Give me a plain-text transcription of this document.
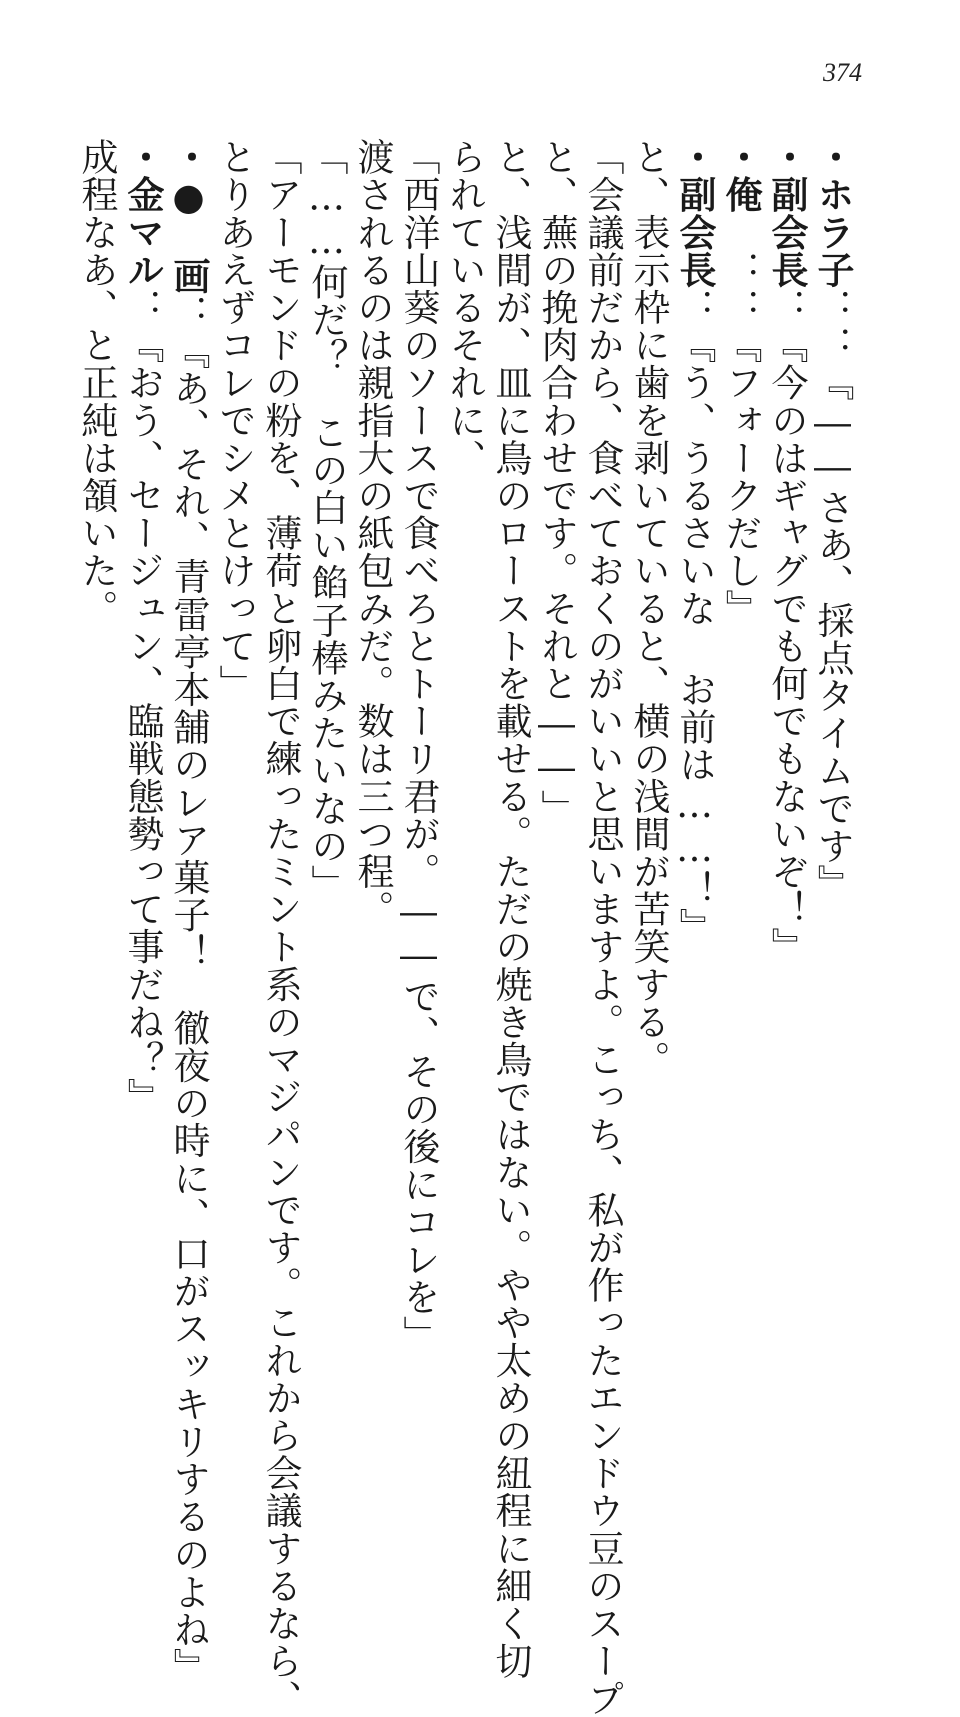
374
・ホラ子：：『――さあ、採点タイムです』
・副会長：『今のはギャグでも何でもないぞ！』
・俺　：：『フォークだし』
・副会長：『う、うるさいな お前は……！』
と、表示枠に歯を剥いていると、横の浅間が苦笑する。
「会議前だから、食べておくのがいいと思いますよ。こっち、私が作ったエンドウ豆のスープ
と、蕪の挽肉合わせです。それと――」
と、浅間が、皿に鳥のローストを載せる。ただの焼き鳥ではない。やや太めの紐程に細く切
られているそれに、
「西洋山葵のソースで食べろとトーリ君が。――で、その後にコレを」
渡されるのは親指大の紙包みだ。数は三つ程。
「……何だ？　この白い餡子棒みたいなの」
「アーモンドの粉を、薄荷と卵白で練ったミント系のマジパンです。これから会議するなら、
とりあえずコレでシメとけって」
・●　画：『あ、それ、青雷亭本舗のレア菓子！　徹夜の時に、口がスッキリするのよね』
・金マル：『おう、セージュン、臨戦態勢って事だね？』
成程なあ、と正純は頷いた。
